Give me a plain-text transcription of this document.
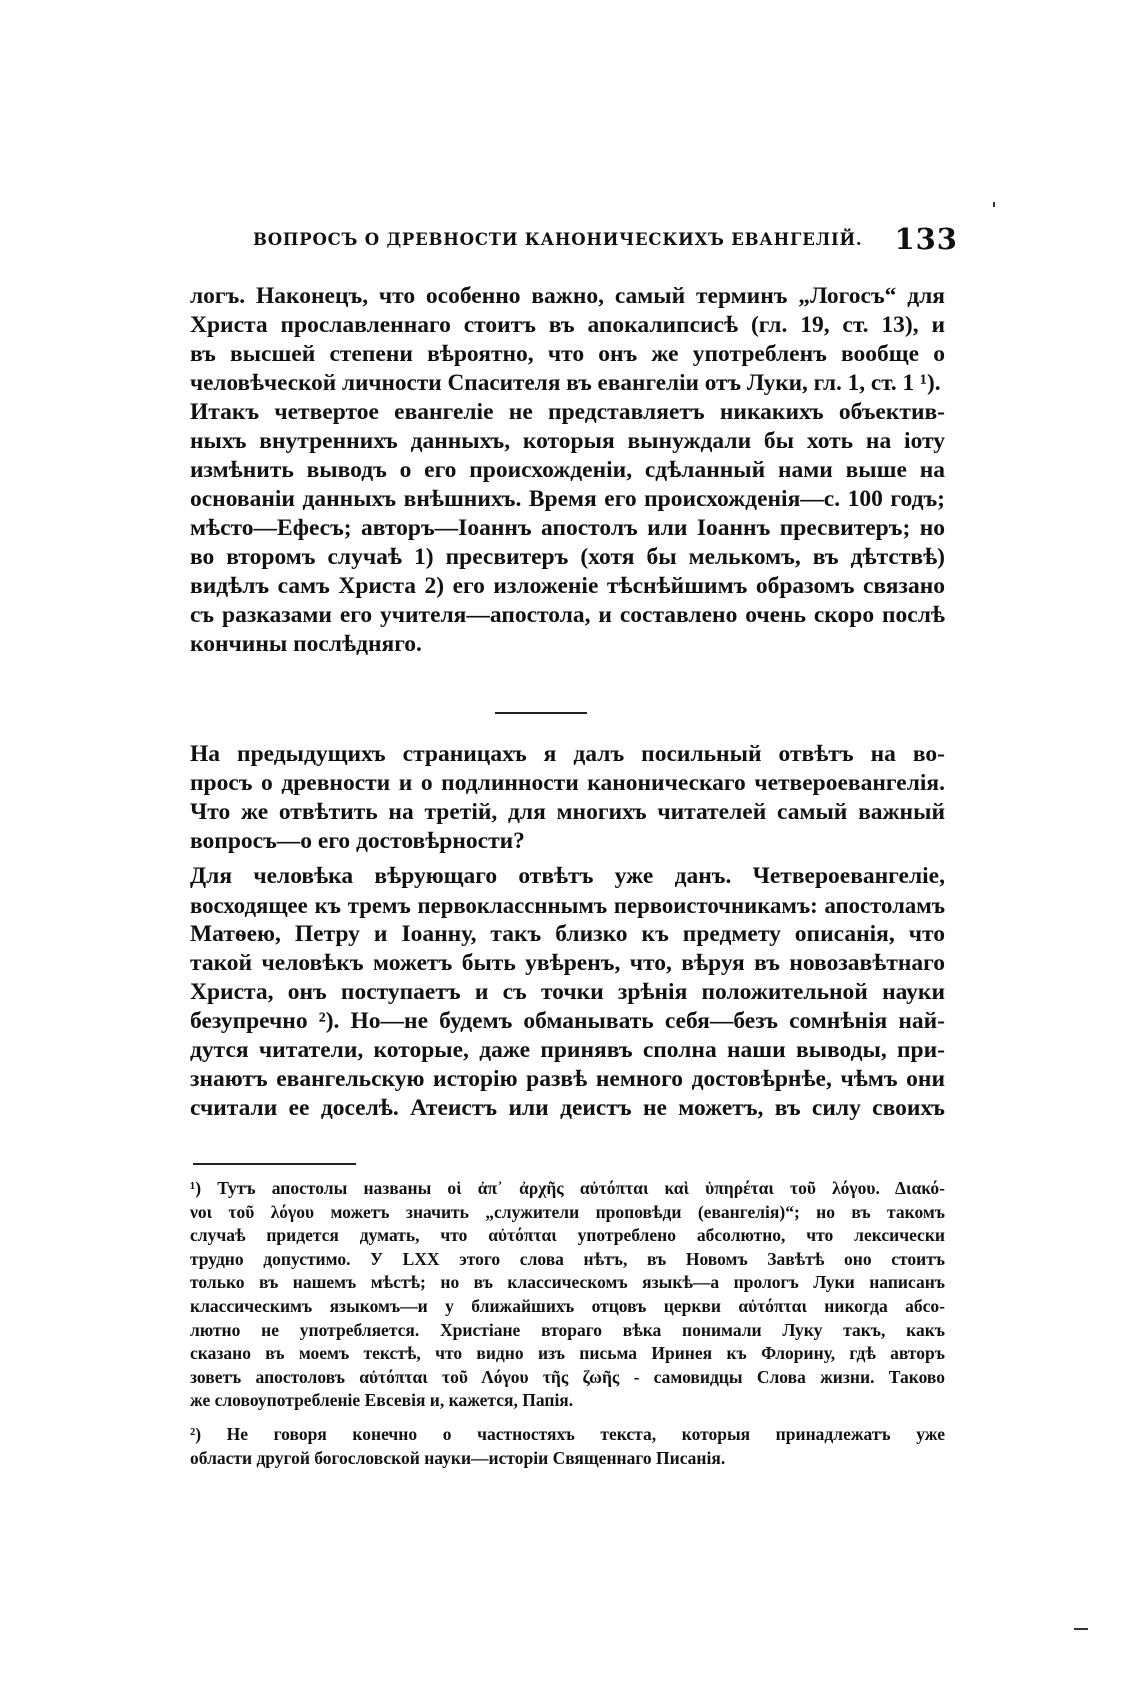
ВОПРОСЪ О ДРЕВНОСТИ КАНОНИЧЕСКИХЪ ЕВАНГЕЛІЙ. 133
логъ. Наконецъ, что особенно важно, самый терминъ „Логосъ“ для
Христа прославленнаго стоитъ въ апокалипсисѣ (гл. 19, ст. 13), и
въ высшей степени вѣроятно, что онъ же употребленъ вообще о
человѣческой личности Спасителя въ евангеліи отъ Луки, гл. 1, ст. 1 ¹).
Итакъ четвертое евангеліе не представляетъ никакихъ объектив-
ныхъ внутреннихъ данныхъ, которыя вынуждали бы хоть на іоту
измѣнить выводъ о его происхожденіи, сдѣланный нами выше на
основаніи данныхъ внѣшнихъ. Время его происхожденія—с. 100 годъ;
мѣсто—Ефесъ; авторъ—Іоаннъ апостолъ или Іоаннъ пресвитеръ; но
во второмъ случаѣ 1) пресвитеръ (хотя бы мелькомъ, въ дѣтствѣ)
видѣлъ самъ Христа 2) его изложеніе тѣснѣйшимъ образомъ связано
съ разказами его учителя—апостола, и составлено очень скоро послѣ
кончины послѣдняго.
На предыдущихъ страницахъ я далъ посильный отвѣтъ на во-
просъ о древности и о подлинности каноническаго четвероевангелія.
Что же отвѣтить на третій, для многихъ читателей самый важный
вопросъ—о его достовѣрности?
Для человѣка вѣрующаго отвѣтъ уже данъ. Четвероевангеліе,
восходящее къ тремъ первоклассннымъ первоисточникамъ: апостоламъ
Матѳею, Петру и Іоанну, такъ близко къ предмету описанія, что
такой человѣкъ можетъ быть увѣренъ, что, вѣруя въ новозавѣтнаго
Христа, онъ поступаетъ и съ точки зрѣнія положительной науки
безупречно ²). Но—не будемъ обманывать себя—безъ сомнѣнія най-
дутся читатели, которые, даже принявъ сполна наши выводы, при-
знаютъ евангельскую исторію развѣ немного достовѣрнѣе, чѣмъ они
считали ее доселѣ. Атеистъ или деистъ не можетъ, въ силу своихъ
¹) Тутъ апостолы названы οἱ ἀπ᾽ ἀρχῆς αὐτόπται καὶ ὑπηρέται τοῦ λόγου. Διακό-
νοι τοῦ λόγου можетъ значить „служители проповѣди (евангелія)“; но въ такомъ
случаѣ придется думать, что αὐτόπται употреблено абсолютно, что лексически
трудно допустимо. У LXX этого слова нѣтъ, въ Новомъ Завѣтѣ оно стоитъ
только въ нашемъ мѣстѣ; но въ классическомъ языкѣ—а прологъ Луки написанъ
классическимъ языкомъ—и у ближайшихъ отцовъ церкви αὐτόπται никогда абсо-
лютно не употребляется. Христіане втораго вѣка понимали Луку такъ, какъ
сказано въ моемъ текстѣ, что видно изъ письма Иринея къ Флорину, гдѣ авторъ
зоветъ апостоловъ αὐτόπται τοῦ Λόγου τῆς ζωῆς - самовидцы Слова жизни. Таково
же словоупотребленіе Евсевія и, кажется, Папія.
²) Не говоря конечно о частностяхъ текста, которыя принадлежатъ уже
области другой богословской науки—исторіи Священнаго Писанія.
